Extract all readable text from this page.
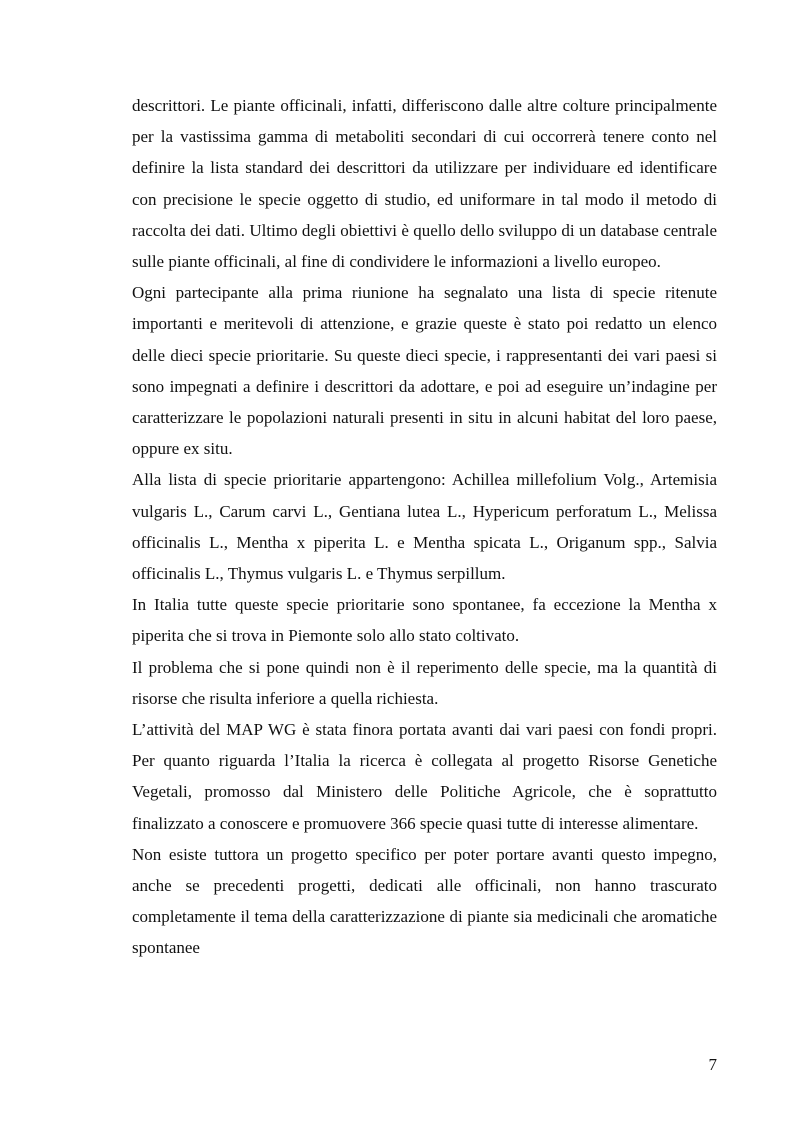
descrittori. Le piante officinali, infatti, differiscono dalle altre colture principalmente per la vastissima gamma di metaboliti secondari di cui occorrerà tenere conto nel definire la lista standard dei descrittori da utilizzare per individuare ed identificare con precisione le specie oggetto di studio, ed uniformare in tal modo il metodo di raccolta dei dati. Ultimo degli obiettivi è quello dello sviluppo di un database centrale sulle piante officinali, al fine di condividere le informazioni a livello europeo.

Ogni partecipante alla prima riunione ha segnalato una lista di specie ritenute importanti e meritevoli di attenzione, e grazie queste è stato poi redatto un elenco delle dieci specie prioritarie. Su queste dieci specie, i rappresentanti dei vari paesi si sono impegnati a definire i descrittori da adottare, e poi ad eseguire un’indagine per caratterizzare le popolazioni naturali presenti in situ in alcuni habitat del loro paese, oppure ex situ.

Alla lista di specie prioritarie appartengono: Achillea millefolium Volg., Artemisia vulgaris L., Carum carvi L., Gentiana lutea L., Hypericum perforatum L., Melissa officinalis L., Mentha x piperita L. e Mentha spicata L., Origanum spp., Salvia officinalis L., Thymus vulgaris L. e Thymus serpillum.

In Italia tutte queste specie prioritarie sono spontanee, fa eccezione la Mentha x piperita che si trova in Piemonte solo allo stato coltivato.

Il problema che si pone quindi non è il reperimento delle specie, ma la quantità di risorse che risulta inferiore a quella richiesta.

L’attività del MAP WG è stata finora portata avanti dai vari paesi con fondi propri. Per quanto riguarda l’Italia la ricerca è collegata al progetto Risorse Genetiche Vegetali, promosso dal Ministero delle Politiche Agricole, che è soprattutto finalizzato a conoscere e promuovere 366 specie quasi tutte di interesse alimentare.

Non esiste tuttora un progetto specifico per poter portare avanti questo impegno, anche se precedenti progetti, dedicati alle officinali, non hanno trascurato completamente il tema della caratterizzazione di piante sia medicinali che aromatiche spontanee

7
